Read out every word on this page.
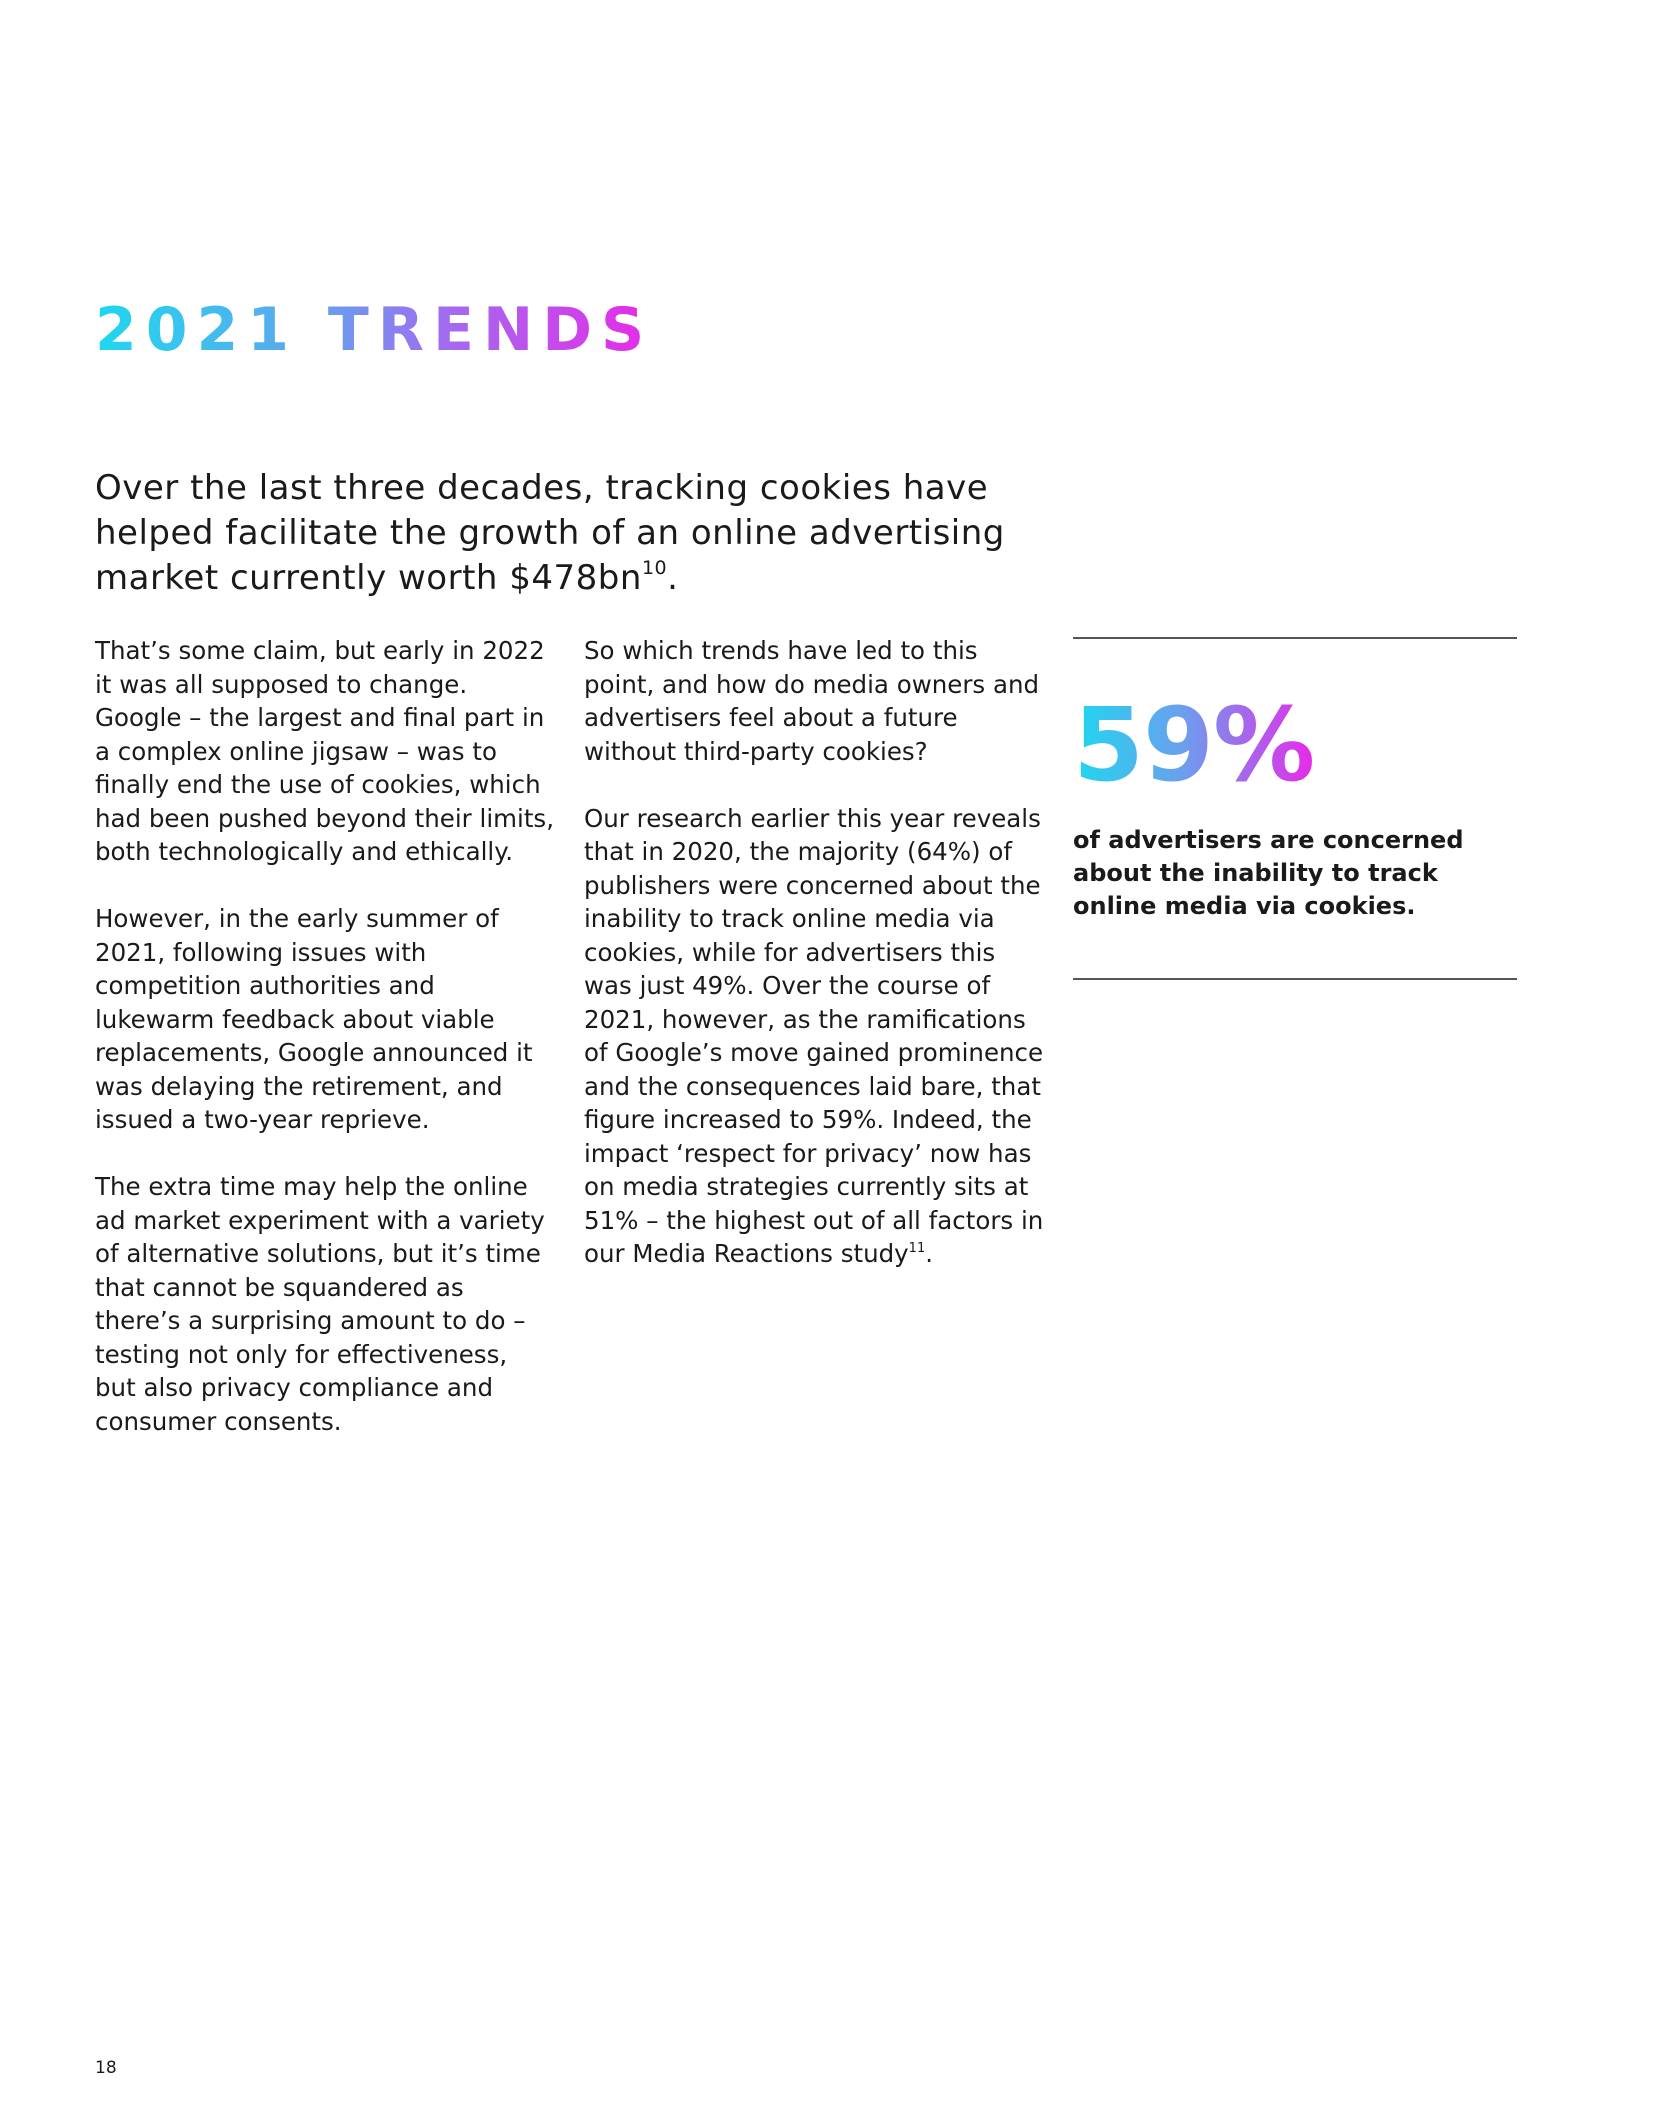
2021 TRENDS

Over the last three decades, tracking cookies have helped facilitate the growth of an online advertising market currently worth $\$478bn^{10}$.

That’s some claim, but early in 2022 it was all supposed to change. Google – the largest and final part in a complex online jigsaw – was to finally end the use of cookies, which had been pushed beyond their limits, both technologically and ethically.

However, in the early summer of 2021, following issues with competition authorities and lukewarm feedback about viable replacements, Google announced it was delaying the retirement, and issued a two-year reprieve.

The extra time may help the online ad market experiment with a variety of alternative solutions, but it’s time that cannot be squandered as there’s a surprising amount to do – testing not only for effectiveness, but also privacy compliance and consumer consents.

So which trends have led to this point, and how do media owners and advertisers feel about a future without third-party cookies?

Our research earlier this year reveals that in 2020, the majority (64%) of publishers were concerned about the inability to track online media via cookies, while for advertisers this was just 49%. Over the course of 2021, however, as the ramifications of Google’s move gained prominence and the consequences laid bare, that figure increased to 59%. Indeed, the impact ‘respect for privacy’ now has on media strategies currently sits at 51% – the highest out of all factors in our Media Reactions study$^{11}$.

59%

of advertisers are concerned about the inability to track online media via cookies.

18
